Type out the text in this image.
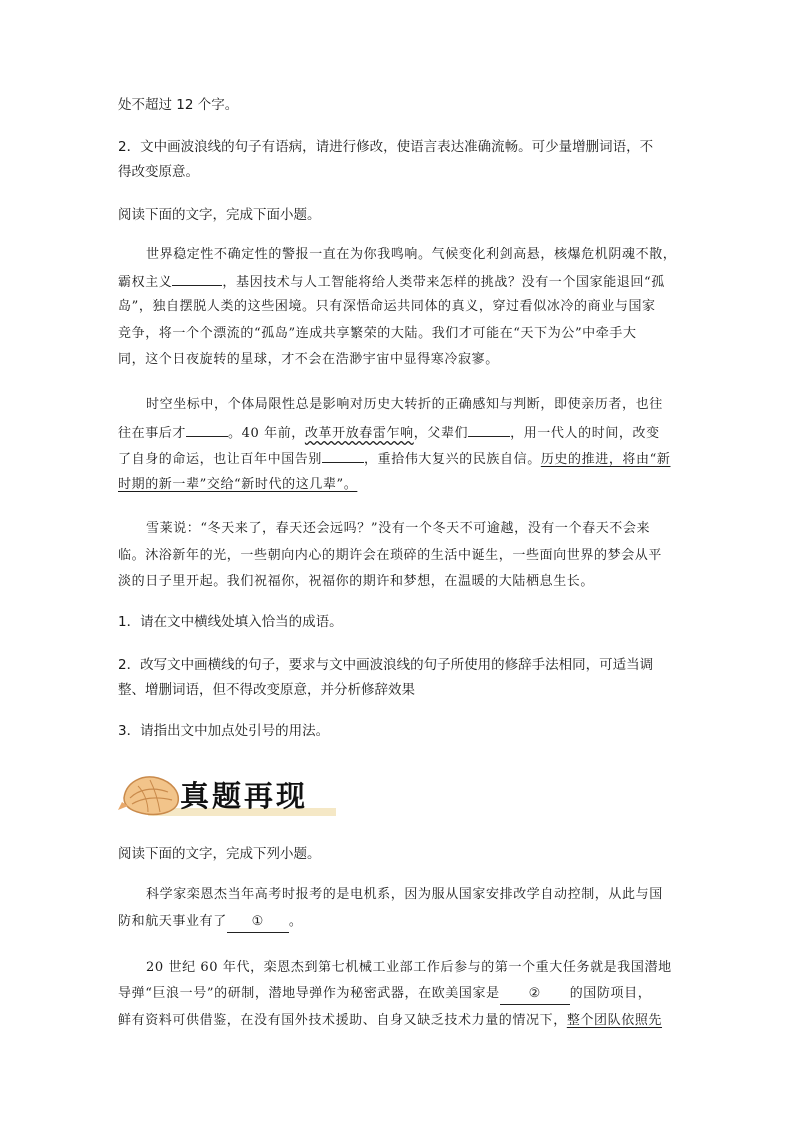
处不超过 12 个字。
2．文中画波浪线的句子有语病，请进行修改，使语言表达准确流畅。可少量增删词语，不
得改变原意。
阅读下面的文字，完成下面小题。
世界稳定性不确定性的警报一直在为你我鸣响。气候变化利剑高悬，核爆危机阴魂不散，
霸权主义	，基因技术与人工智能将给人类带来怎样的挑战？没有一个国家能退回“孤
岛”，独自摆脱人类的这些困境。只有深悟命运共同体的真义，穿过看似冰冷的商业与国家
竞争，将一个个漂流的“孤岛”连成共享繁荣的大陆。我们才可能在“天下为公”中牵手大
同，这个日夜旋转的星球，才不会在浩渺宇宙中显得寒冷寂寥。
时空坐标中，个体局限性总是影响对历史大转折的正确感知与判断，即使亲历者，也往
往在事后才	。40 年前，改革开放春雷乍响，父辈们	，用一代人的时间，改变
了自身的命运，也让百年中国告别	，重拾伟大复兴的民族自信。历史的推进，将由“新
时期的新一辈”交给“新时代的这几辈”。
雪莱说：“冬天来了，春天还会远吗？”没有一个冬天不可逾越，没有一个春天不会来
临。沐浴新年的光，一些朝向内心的期许会在琐碎的生活中诞生，一些面向世界的梦会从平
淡的日子里开起。我们祝福你，祝福你的期许和梦想，在温暖的大陆栖息生长。
1．请在文中横线处填入恰当的成语。
2．改写文中画横线的句子，要求与文中画波浪线的句子所使用的修辞手法相同，可适当调
整、增删词语，但不得改变原意，并分析修辞效果
3．请指出文中加点处引号的用法。
真题再现
阅读下面的文字，完成下列小题。
科学家栾恩杰当年高考时报考的是电机系，因为服从国家安排改学自动控制，从此与国
防和航天事业有了 ① 。
20 世纪 60 年代，栾恩杰到第七机械工业部工作后参与的第一个重大任务就是我国潜地
导弹“巨浪一号”的研制，潜地导弹作为秘密武器，在欧美国家是 ② 的国防项目，
鲜有资料可供借鉴，在没有国外技术援助、自身又缺乏技术力量的情况下，整个团队依照先
